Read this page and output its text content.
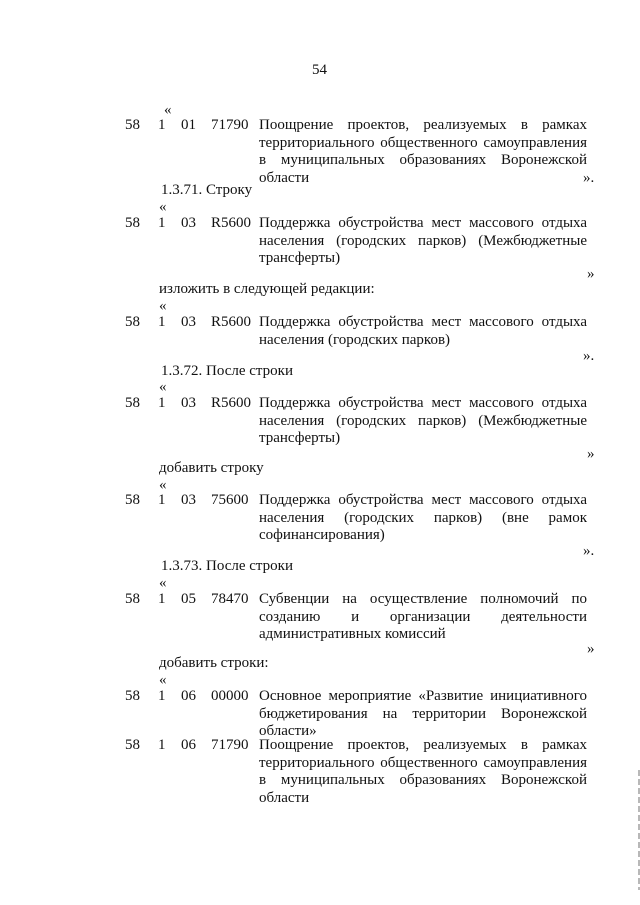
54
«
58 1 01 71790 Поощрение проектов, реализуемых в рамках территориального общественного самоуправления в муниципальных образованиях Воронежской области	».
1.3.71. Строку
«
58 1 03 R5600 Поддержка обустройства мест массового отдыха населения (городских парков) (Межбюджетные трансферты)
»
изложить в следующей редакции:
«
58 1 03 R5600 Поддержка обустройства мест массового отдыха населения (городских парков)
».
1.3.72. После строки
«
58 1 03 R5600 Поддержка обустройства мест массового отдыха населения (городских парков) (Межбюджетные трансферты)
»
добавить строку
«
58 1 03 75600 Поддержка обустройства мест массового отдыха населения (городских парков) (вне рамок софинансирования)
».
1.3.73. После строки
«
58 1 05 78470 Субвенции на осуществление полномочий по созданию и организации деятельности административных комиссий
»
добавить строки:
«
58 1 06 00000 Основное мероприятие «Развитие инициативного бюджетирования на территории Воронежской области»
58 1 06 71790 Поощрение проектов, реализуемых в рамках территориального общественного самоуправления в муниципальных образованиях Воронежской области
